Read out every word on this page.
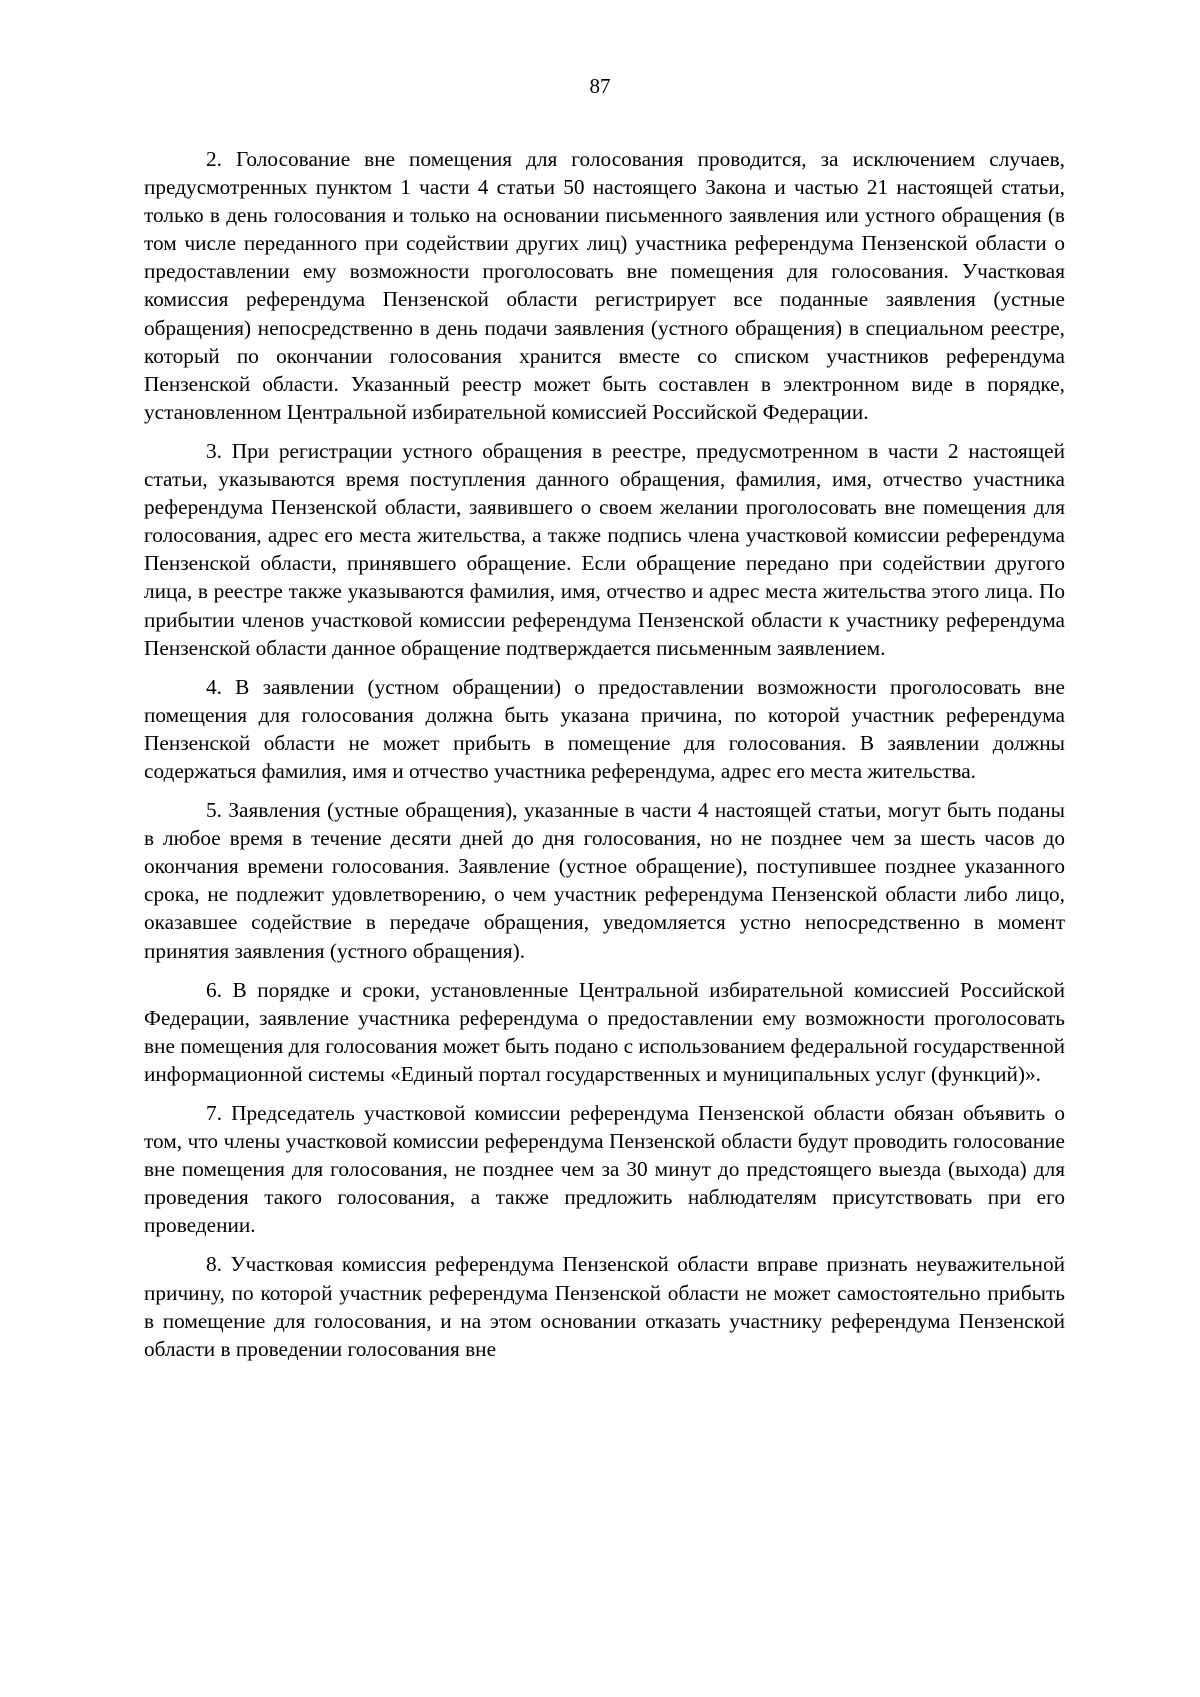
87

2. Голосование вне помещения для голосования проводится, за исключением случаев, предусмотренных пунктом 1 части 4 статьи 50 настоящего Закона и частью 21 настоящей статьи, только в день голосования и только на основании письменного заявления или устного обращения (в том числе переданного при содействии других лиц) участника референдума Пензенской области о предоставлении ему возможности проголосовать вне помещения для голосования. Участковая комиссия референдума Пензенской области регистрирует все поданные заявления (устные обращения) непосредственно в день подачи заявления (устного обращения) в специальном реестре, который по окончании голосования хранится вместе со списком участников референдума Пензенской области. Указанный реестр может быть составлен в электронном виде в порядке, установленном Центральной избирательной комиссией Российской Федерации.

3. При регистрации устного обращения в реестре, предусмотренном в части 2 настоящей статьи, указываются время поступления данного обращения, фамилия, имя, отчество участника референдума Пензенской области, заявившего о своем желании проголосовать вне помещения для голосования, адрес его места жительства, а также подпись члена участковой комиссии референдума Пензенской области, принявшего обращение. Если обращение передано при содействии другого лица, в реестре также указываются фамилия, имя, отчество и адрес места жительства этого лица. По прибытии членов участковой комиссии референдума Пензенской области к участнику референдума Пензенской области данное обращение подтверждается письменным заявлением.

4. В заявлении (устном обращении) о предоставлении возможности проголосовать вне помещения для голосования должна быть указана причина, по которой участник референдума Пензенской области не может прибыть в помещение для голосования. В заявлении должны содержаться фамилия, имя и отчество участника референдума, адрес его места жительства.

5. Заявления (устные обращения), указанные в части 4 настоящей статьи, могут быть поданы в любое время в течение десяти дней до дня голосования, но не позднее чем за шесть часов до окончания времени голосования. Заявление (устное обращение), поступившее позднее указанного срока, не подлежит удовлетворению, о чем участник референдума Пензенской области либо лицо, оказавшее содействие в передаче обращения, уведомляется устно непосредственно в момент принятия заявления (устного обращения).

6. В порядке и сроки, установленные Центральной избирательной комиссией Российской Федерации, заявление участника референдума о предоставлении ему возможности проголосовать вне помещения для голосования может быть подано с использованием федеральной государственной информационной системы «Единый портал государственных и муниципальных услуг (функций)».

7. Председатель участковой комиссии референдума Пензенской области обязан объявить о том, что члены участковой комиссии референдума Пензенской области будут проводить голосование вне помещения для голосования, не позднее чем за 30 минут до предстоящего выезда (выхода) для проведения такого голосования, а также предложить наблюдателям присутствовать при его проведении.

8. Участковая комиссия референдума Пензенской области вправе признать неуважительной причину, по которой участник референдума Пензенской области не может самостоятельно прибыть в помещение для голосования, и на этом основании отказать участнику референдума Пензенской области в проведении голосования вне
